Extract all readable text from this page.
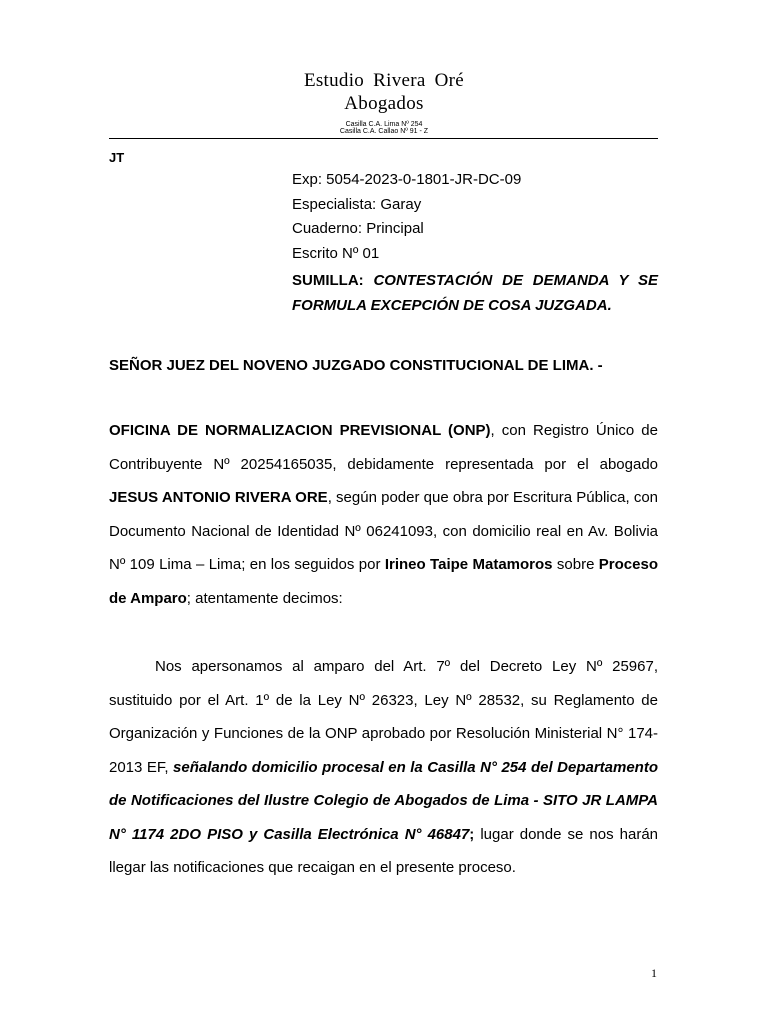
Estudio Rivera Oré
Abogados
Casilla C.A. Lima Nº 254
Casilla C.A. Callao Nº 91 - Z
JT
Exp: 5054-2023-0-1801-JR-DC-09
Especialista: Garay
Cuaderno: Principal
Escrito Nº 01
SUMILLA: CONTESTACIÓN DE DEMANDA Y SE FORMULA EXCEPCIÓN DE COSA JUZGADA.
SEÑOR JUEZ DEL NOVENO JUZGADO CONSTITUCIONAL DE LIMA. -
OFICINA DE NORMALIZACION PREVISIONAL (ONP), con Registro Único de Contribuyente Nº 20254165035, debidamente representada por el abogado JESUS ANTONIO RIVERA ORE, según poder que obra por Escritura Pública, con Documento Nacional de Identidad Nº 06241093, con domicilio real en Av. Bolivia Nº 109 Lima – Lima; en los seguidos por Irineo Taipe Matamoros sobre Proceso de Amparo; atentamente decimos:
Nos apersonamos al amparo del Art. 7º del Decreto Ley Nº 25967, sustituido por el Art. 1º de la Ley Nº 26323, Ley Nº 28532, su Reglamento de Organización y Funciones de la ONP aprobado por Resolución Ministerial N° 174-2013 EF, señalando domicilio procesal en la Casilla N° 254 del Departamento de Notificaciones del Ilustre Colegio de Abogados de Lima - SITO JR LAMPA N° 1174 2DO PISO y Casilla Electrónica N° 46847; lugar donde se nos harán llegar las notificaciones que recaigan en el presente proceso.
1
